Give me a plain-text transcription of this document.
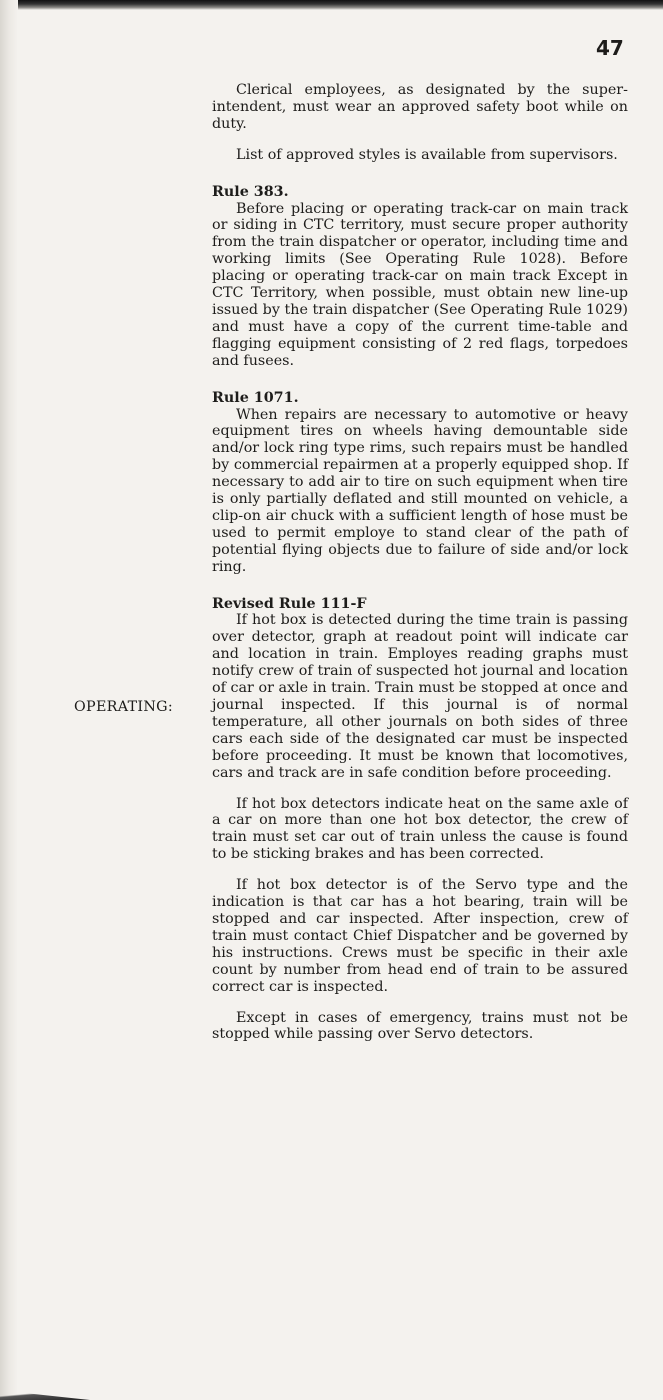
47
OPERATING:

Clerical employees, as designated by the superintendent, must wear an approved safety boot while on duty.

List of approved styles is available from supervisors.

Rule 383.

Before placing or operating track-car on main track or siding in CTC territory, must secure proper authority from the train dispatcher or operator, including time and working limits (See Operating Rule 1028). Before placing or operating track-car on main track Except in CTC Territory, when possible, must obtain new line-up issued by the train dispatcher (See Operating Rule 1029) and must have a copy of the current time-table and flagging equipment consisting of 2 red flags, torpedoes and fusees.

Rule 1071.

When repairs are necessary to automotive or heavy equipment tires on wheels having demountable side and/or lock ring type rims, such repairs must be handled by commercial repairmen at a properly equipped shop. If necessary to add air to tire on such equipment when tire is only partially deflated and still mounted on vehicle, a clip-on air chuck with a sufficient length of hose must be used to permit employe to stand clear of the path of potential flying objects due to failure of side and/or lock ring.

Revised Rule 111-F

If hot box is detected during the time train is passing over detector, graph at readout point will indicate car and location in train. Employes reading graphs must notify crew of train of suspected hot journal and location of car or axle in train. Train must be stopped at once and journal inspected. If this journal is of normal temperature, all other journals on both sides of three cars each side of the designated car must be inspected before proceeding. It must be known that locomotives, cars and track are in safe condition before proceeding.

If hot box detectors indicate heat on the same axle of a car on more than one hot box detector, the crew of train must set car out of train unless the cause is found to be sticking brakes and has been corrected.

If hot box detector is of the Servo type and the indication is that car has a hot bearing, train will be stopped and car inspected. After inspection, crew of train must contact Chief Dispatcher and be governed by his instructions. Crews must be specific in their axle count by number from head end of train to be assured correct car is inspected.

Except in cases of emergency, trains must not be stopped while passing over Servo detectors.
